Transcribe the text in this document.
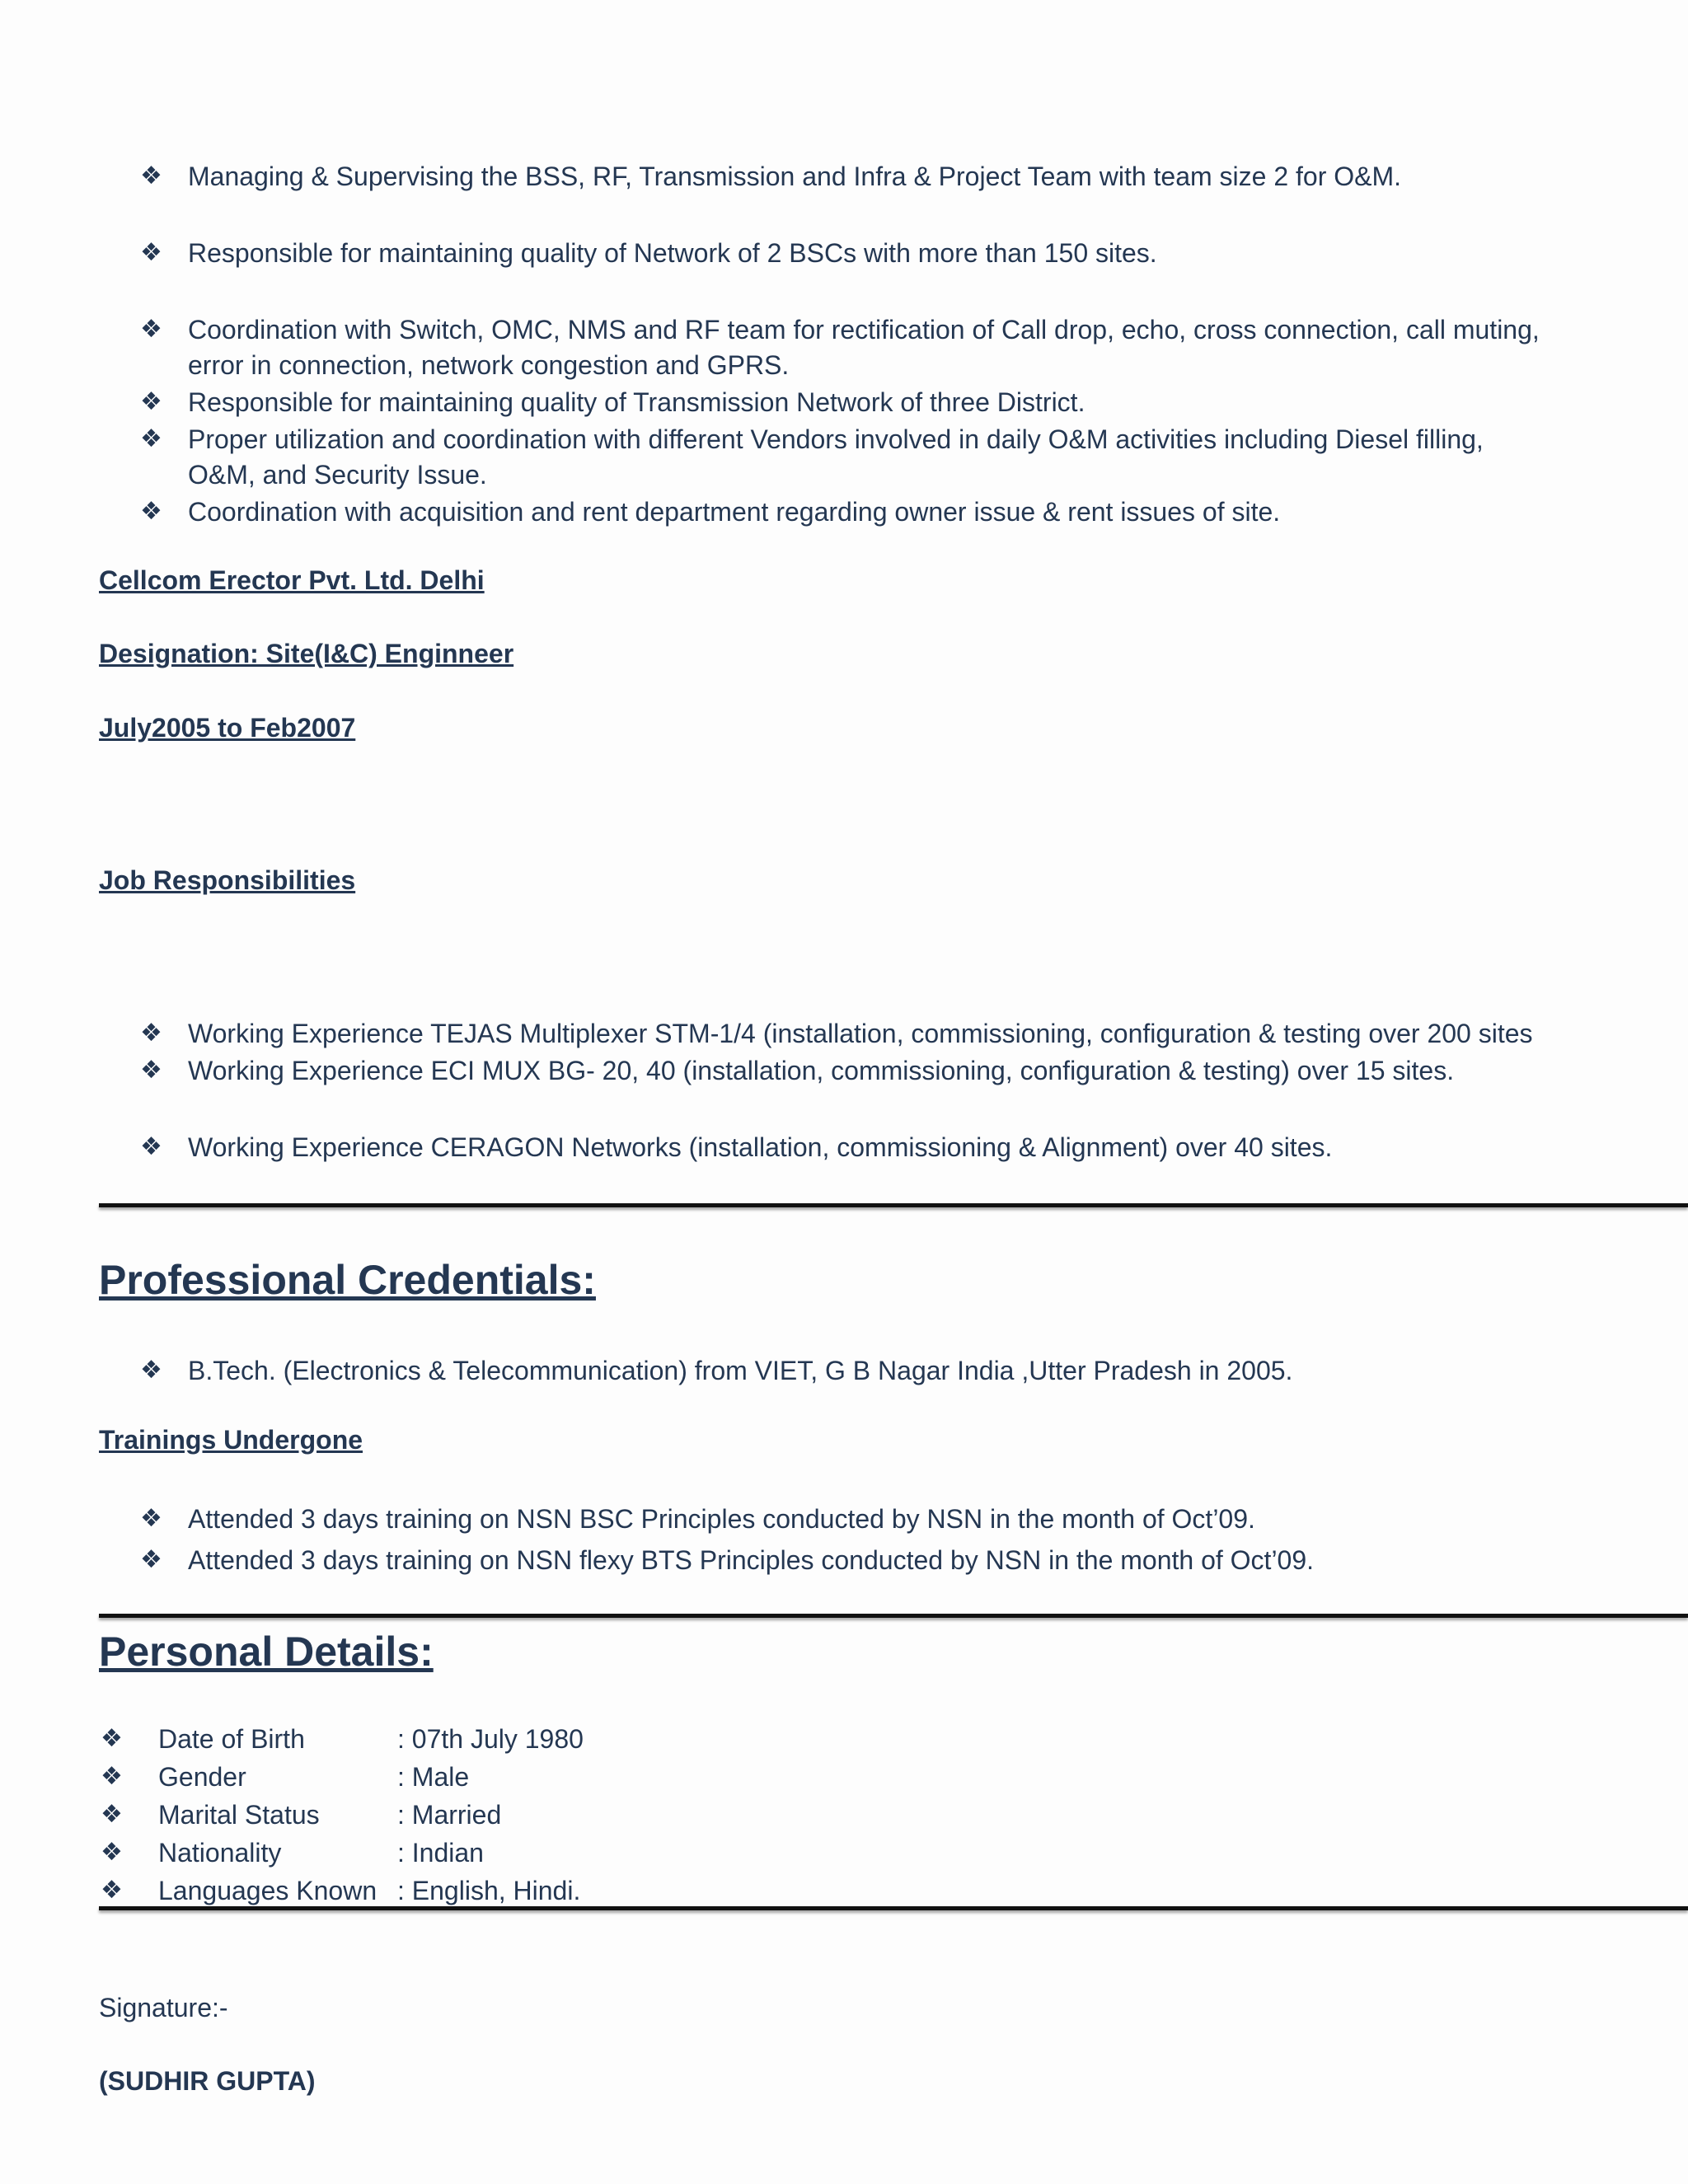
❖ Managing & Supervising the BSS, RF, Transmission and Infra & Project Team with team size 2 for O&M.
❖ Responsible for maintaining quality of Network of 2 BSCs with more than 150 sites.
❖ Coordination with Switch, OMC, NMS and RF team for rectification of Call drop, echo, cross connection, call muting,
error in connection, network congestion and GPRS.
❖ Responsible for maintaining quality of Transmission Network of three District.
❖ Proper utilization and coordination with different Vendors involved in daily O&M activities including Diesel filling,
O&M, and Security Issue.
❖ Coordination with acquisition and rent department regarding owner issue & rent issues of site.
Cellcom Erector Pvt. Ltd. Delhi
Designation: Site(I&C) Enginneer
July2005 to Feb2007
Job Responsibilities
❖ Working Experience TEJAS Multiplexer STM-1/4 (installation, commissioning, configuration & testing over 200 sites
❖ Working Experience ECI MUX BG- 20, 40 (installation, commissioning, configuration & testing) over 15 sites.
❖ Working Experience CERAGON Networks (installation, commissioning & Alignment) over 40 sites.
Professional Credentials:
❖ B.Tech. (Electronics & Telecommunication) from VIET, G B Nagar India ,Utter Pradesh in 2005.
Trainings Undergone
❖ Attended 3 days training on NSN BSC Principles conducted by NSN in the month of Oct’09.
❖ Attended 3 days training on NSN flexy BTS Principles conducted by NSN in the month of Oct’09.
Personal Details:
❖ Date of Birth	: 07th July 1980
❖ Gender	: Male
❖ Marital Status	: Married
❖ Nationality	: Indian
❖ Languages Known : English, Hindi.
Signature:-
(SUDHIR GUPTA)
